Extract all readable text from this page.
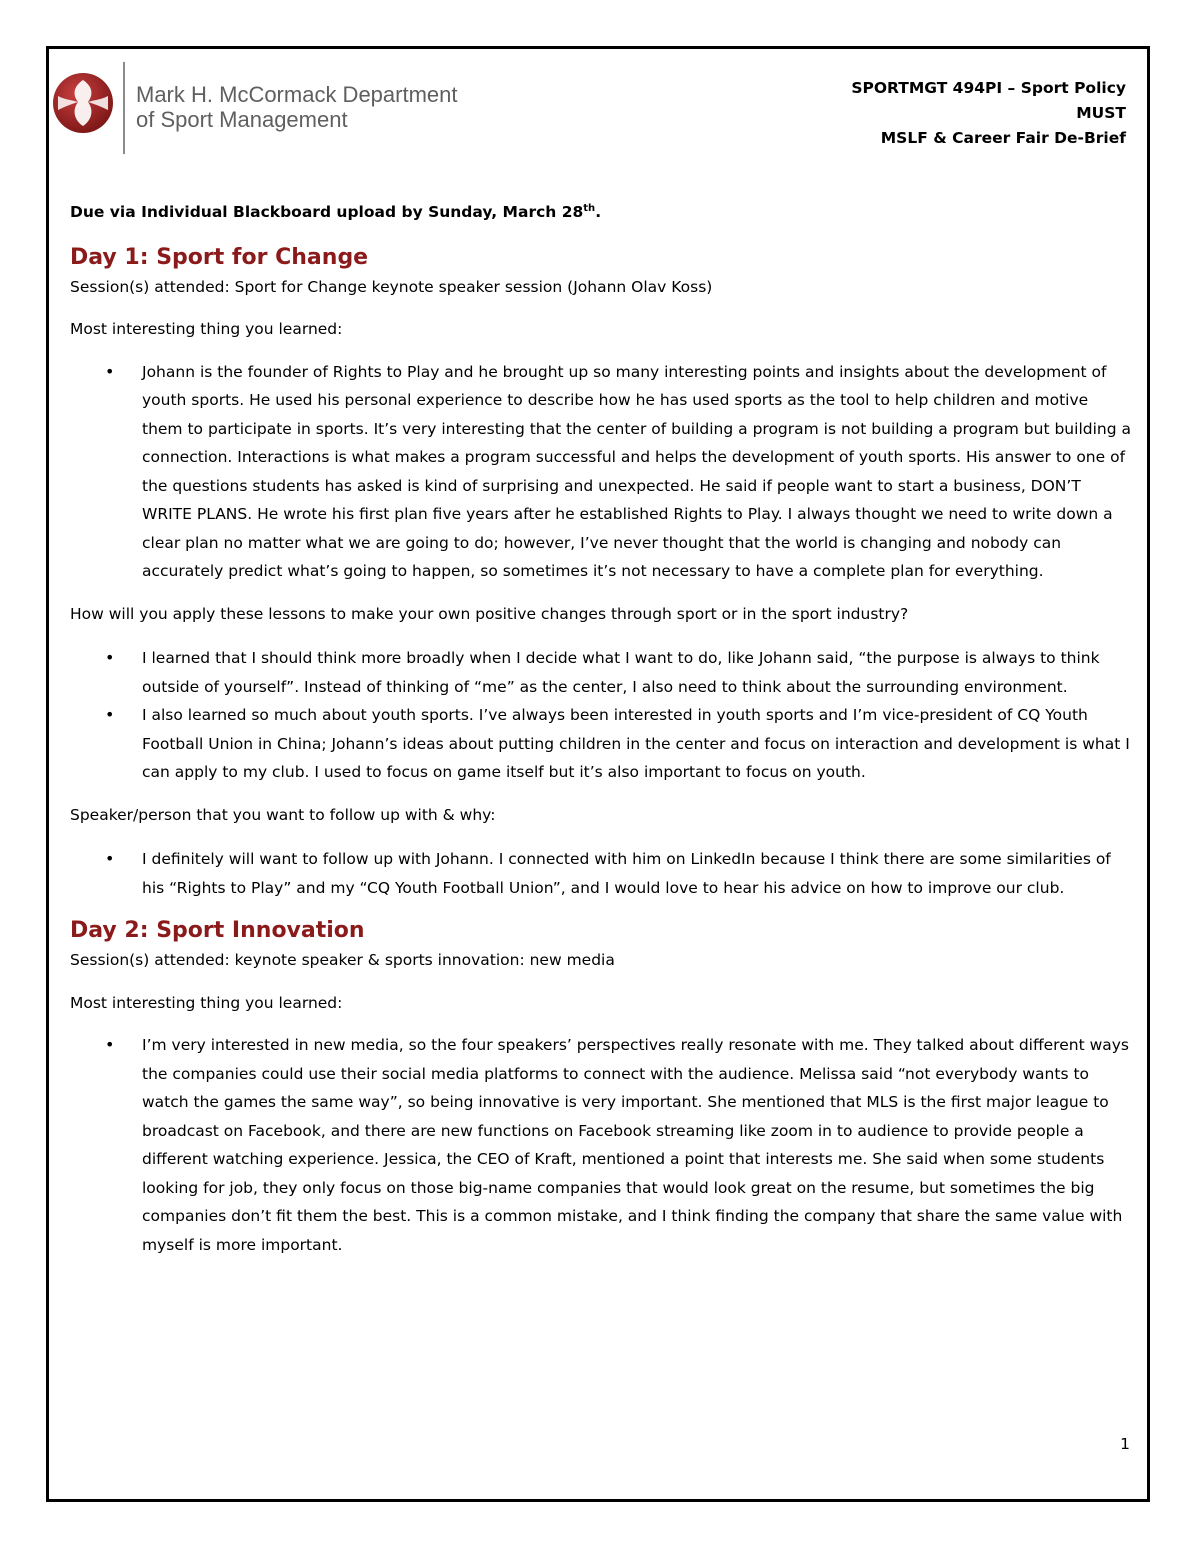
Mark H. McCormack Department
of Sport Management
SPORTMGT 494PI – Sport Policy
MUST
MSLF & Career Fair De-Brief

Due via Individual Blackboard upload by Sunday, March 28th.

Day 1: Sport for Change

Session(s) attended: Sport for Change keynote speaker session (Johann Olav Koss)

Most interesting thing you learned:

• Johann is the founder of Rights to Play and he brought up so many interesting points and insights about the development of youth sports. He used his personal experience to describe how he has used sports as the tool to help children and motive them to participate in sports. It’s very interesting that the center of building a program is not building a program but building a connection. Interactions is what makes a program successful and helps the development of youth sports. His answer to one of the questions students has asked is kind of surprising and unexpected. He said if people want to start a business, DON’T WRITE PLANS. He wrote his first plan five years after he established Rights to Play. I always thought we need to write down a clear plan no matter what we are going to do; however, I’ve never thought that the world is changing and nobody can accurately predict what’s going to happen, so sometimes it’s not necessary to have a complete plan for everything.

How will you apply these lessons to make your own positive changes through sport or in the sport industry?

• I learned that I should think more broadly when I decide what I want to do, like Johann said, “the purpose is always to think outside of yourself”. Instead of thinking of “me” as the center, I also need to think about the surrounding environment.
• I also learned so much about youth sports. I’ve always been interested in youth sports and I’m vice-president of CQ Youth Football Union in China; Johann’s ideas about putting children in the center and focus on interaction and development is what I can apply to my club. I used to focus on game itself but it’s also important to focus on youth.

Speaker/person that you want to follow up with & why:

• I definitely will want to follow up with Johann. I connected with him on LinkedIn because I think there are some similarities of his “Rights to Play” and my “CQ Youth Football Union”, and I would love to hear his advice on how to improve our club.
Day 2: Sport Innovation

Session(s) attended: keynote speaker & sports innovation: new media

Most interesting thing you learned:

• I’m very interested in new media, so the four speakers’ perspectives really resonate with me. They talked about different ways the companies could use their social media platforms to connect with the audience. Melissa said “not everybody wants to watch the games the same way”, so being innovative is very important. She mentioned that MLS is the first major league to broadcast on Facebook, and there are new functions on Facebook streaming like zoom in to audience to provide people a different watching experience. Jessica, the CEO of Kraft, mentioned a point that interests me. She said when some students looking for job, they only focus on those big-name companies that would look great on the resume, but sometimes the big companies don’t fit them the best. This is a common mistake, and I think finding the company that share the same value with myself is more important.
1
